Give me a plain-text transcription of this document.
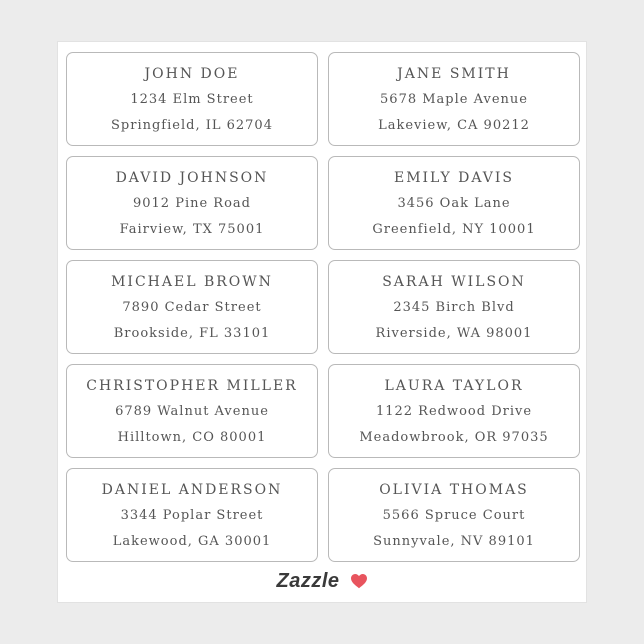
JOHN DOE
1234 Elm Street
Springfield, IL 62704
JANE SMITH
5678 Maple Avenue
Lakeview, CA 90212
DAVID JOHNSON
9012 Pine Road
Fairview, TX 75001
EMILY DAVIS
3456 Oak Lane
Greenfield, NY 10001
MICHAEL BROWN
7890 Cedar Street
Brookside, FL 33101
SARAH WILSON
2345 Birch Blvd
Riverside, WA 98001
CHRISTOPHER MILLER
6789 Walnut Avenue
Hilltown, CO 80001
LAURA TAYLOR
1122 Redwood Drive
Meadowbrook, OR 97035
DANIEL ANDERSON
3344 Poplar Street
Lakewood, GA 30001
OLIVIA THOMAS
5566 Spruce Court
Sunnyvale, NV 89101
Zazzle
